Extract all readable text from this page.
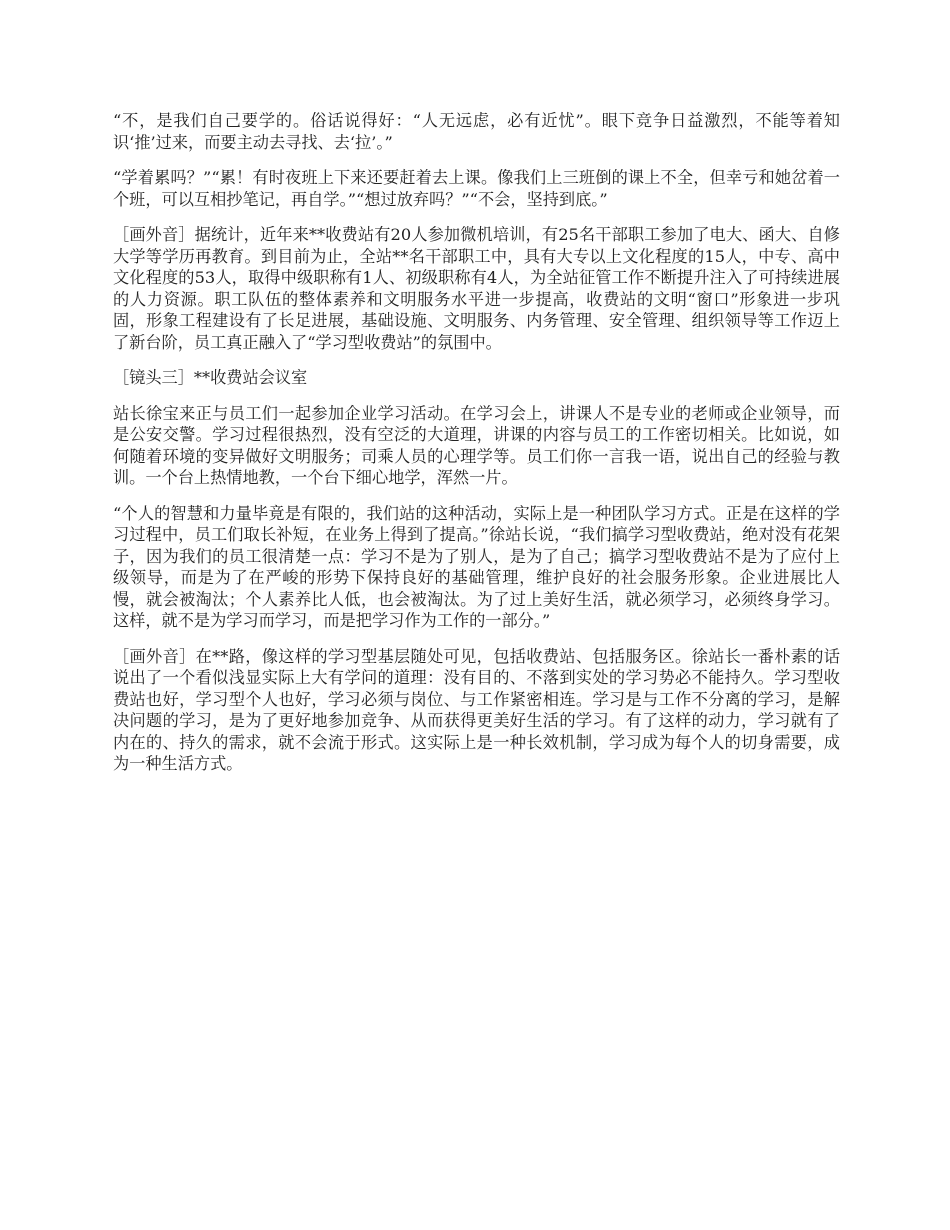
“不，是我们自己要学的。俗话说得好：“人无远虑，必有近忧”。眼下竞争日益激烈，不能等着知识‘推’过来，而要主动去寻找、去‘拉’。”

“学着累吗？”“累！有时夜班上下来还要赶着去上课。像我们上三班倒的课上不全，但幸亏和她岔着一个班，可以互相抄笔记，再自学。”“想过放弃吗？”“不会，坚持到底。”

［画外音］据统计，近年来**收费站有20人参加微机培训，有25名干部职工参加了电大、函大、自修大学等学历再教育。到目前为止，全站**名干部职工中，具有大专以上文化程度的15人，中专、高中文化程度的53人，取得中级职称有1人、初级职称有4人，为全站征管工作不断提升注入了可持续进展的人力资源。职工队伍的整体素养和文明服务水平进一步提高，收费站的文明“窗口”形象进一步巩固，形象工程建设有了长足进展，基础设施、文明服务、内务管理、安全管理、组织领导等工作迈上了新台阶，员工真正融入了“学习型收费站”的氛围中。

［镜头三］**收费站会议室

站长徐宝来正与员工们一起参加企业学习活动。在学习会上，讲课人不是专业的老师或企业领导，而是公安交警。学习过程很热烈，没有空泛的大道理，讲课的内容与员工的工作密切相关。比如说，如何随着环境的变异做好文明服务；司乘人员的心理学等。员工们你一言我一语，说出自己的经验与教训。一个台上热情地教，一个台下细心地学，浑然一片。

“个人的智慧和力量毕竟是有限的，我们站的这种活动，实际上是一种团队学习方式。正是在这样的学习过程中，员工们取长补短，在业务上得到了提高。”徐站长说，“我们搞学习型收费站，绝对没有花架子，因为我们的员工很清楚一点：学习不是为了别人，是为了自己；搞学习型收费站不是为了应付上级领导，而是为了在严峻的形势下保持良好的基础管理，维护良好的社会服务形象。企业进展比人慢，就会被淘汰；个人素养比人低，也会被淘汰。为了过上美好生活，就必须学习，必须终身学习。这样，就不是为学习而学习，而是把学习作为工作的一部分。”

［画外音］在**路，像这样的学习型基层随处可见，包括收费站、包括服务区。徐站长一番朴素的话说出了一个看似浅显实际上大有学问的道理：没有目的、不落到实处的学习势必不能持久。学习型收费站也好，学习型个人也好，学习必须与岗位、与工作紧密相连。学习是与工作不分离的学习，是解决问题的学习，是为了更好地参加竞争、从而获得更美好生活的学习。有了这样的动力，学习就有了内在的、持久的需求，就不会流于形式。这实际上是一种长效机制，学习成为每个人的切身需要，成为一种生活方式。
